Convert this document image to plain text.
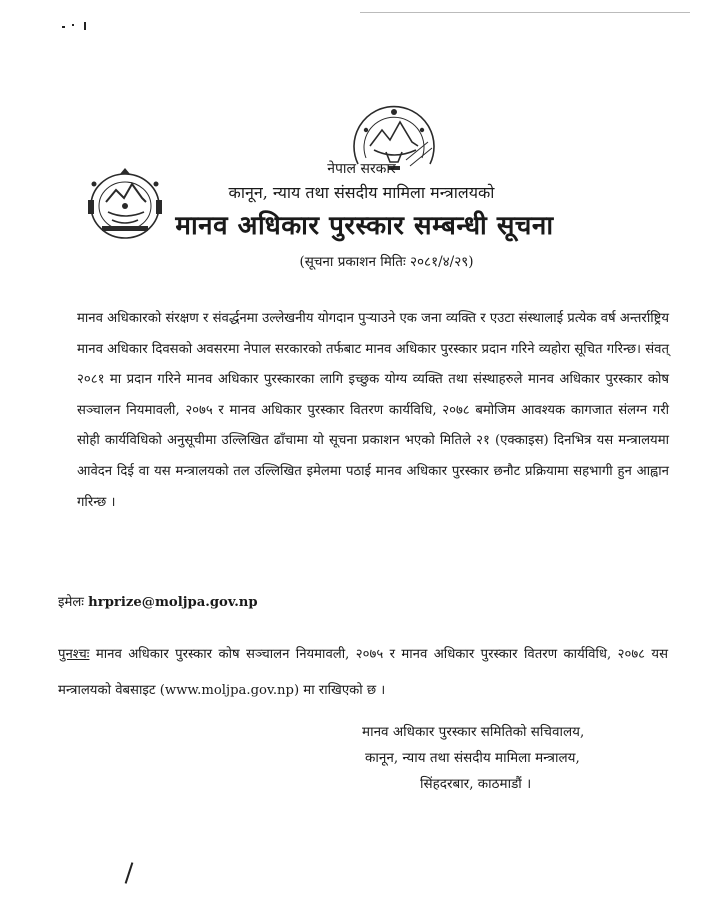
नेपाल सरकार
कानून, न्याय तथा संसदीय मामिला मन्त्रालयको
मानव अधिकार पुरस्कार सम्बन्धी सूचना
(सूचना प्रकाशन मितिः २०८१/४/२९)
मानव अधिकारको संरक्षण र संवर्द्धनमा उल्लेखनीय योगदान पुऱ्याउने एक जना व्यक्ति र एउटा संस्थालाई प्रत्येक वर्ष अन्तर्राष्ट्रिय मानव अधिकार दिवसको अवसरमा नेपाल सरकारको तर्फबाट मानव अधिकार पुरस्कार प्रदान गरिने व्यहोरा सूचित गरिन्छ। संवत् २०८१ मा प्रदान गरिने मानव अधिकार पुरस्कारका लागि इच्छुक योग्य व्यक्ति तथा संस्थाहरुले मानव अधिकार पुरस्कार कोष सञ्चालन नियमावली, २०७५ र मानव अधिकार पुरस्कार वितरण कार्यविधि, २०७८ बमोजिम आवश्यक कागजात संलग्न गरी सोही कार्यविधिको अनुसूचीमा उल्लिखित ढाँचामा यो सूचना प्रकाशन भएको मितिले २१ (एक्काइस) दिनभित्र यस मन्त्रालयमा आवेदन दिई वा यस मन्त्रालयको तल उल्लिखित इमेलमा पठाई मानव अधिकार पुरस्कार छनौट प्रक्रियामा सहभागी हुन आह्वान गरिन्छ ।
इमेलः hrprize@moljpa.gov.np
पुनश्चः मानव अधिकार पुरस्कार कोष सञ्चालन नियमावली, २०७५ र मानव अधिकार पुरस्कार वितरण कार्यविधि, २०७८ यस मन्त्रालयको वेबसाइट (www.moljpa.gov.np) मा राखिएको छ ।
मानव अधिकार पुरस्कार समितिको सचिवालय,
कानून, न्याय तथा संसदीय मामिला मन्त्रालय,
सिंहदरबार, काठमाडौं ।
